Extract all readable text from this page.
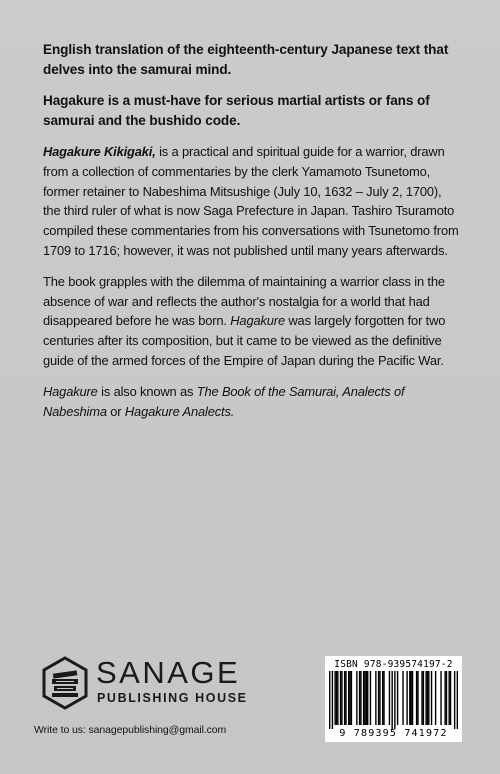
English translation of the eighteenth-century Japanese text that delves into the samurai mind.

Hagakure is a must-have for serious martial artists or fans of samurai and the bushido code.

Hagakure Kikigaki, is a practical and spiritual guide for a warrior, drawn from a collection of commentaries by the clerk Yamamoto Tsunetomo, former retainer to Nabeshima Mitsushige (July 10, 1632 – July 2, 1700), the third ruler of what is now Saga Prefecture in Japan. Tashiro Tsuramoto compiled these commentaries from his conversations with Tsunetomo from 1709 to 1716; however, it was not published until many years afterwards.

The book grapples with the dilemma of maintaining a warrior class in the absence of war and reflects the author's nostalgia for a world that had disappeared before he was born. Hagakure was largely forgotten for two centuries after its composition, but it came to be viewed as the definitive guide of the armed forces of the Empire of Japan during the Pacific War.

Hagakure is also known as The Book of the Samurai, Analects of Nabeshima or Hagakure Analects.

SANAGE
PUBLISHING HOUSE
Write to us: sanagepublishing@gmail.com
ISBN 978-939574197-2
9 789395 741972
